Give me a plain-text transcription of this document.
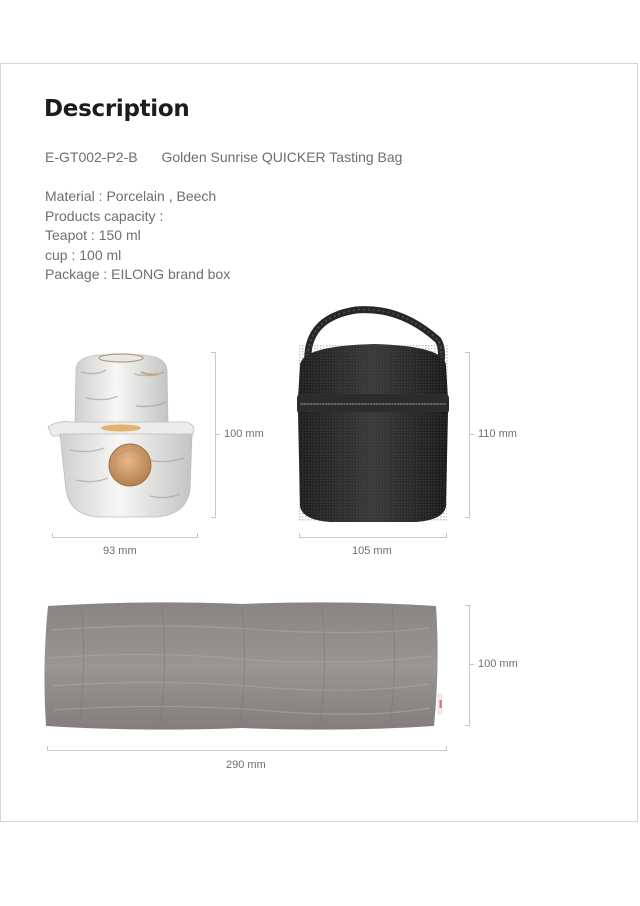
Description
E-GT002-P2-B Golden Sunrise QUICKER Tasting Bag
Material : Porcelain , Beech
Products capacity :
Teapot : 150 ml
cup : 100 ml
Package : EILONG brand box
100 mm
93 mm
110 mm
105 mm
100 mm
290 mm
